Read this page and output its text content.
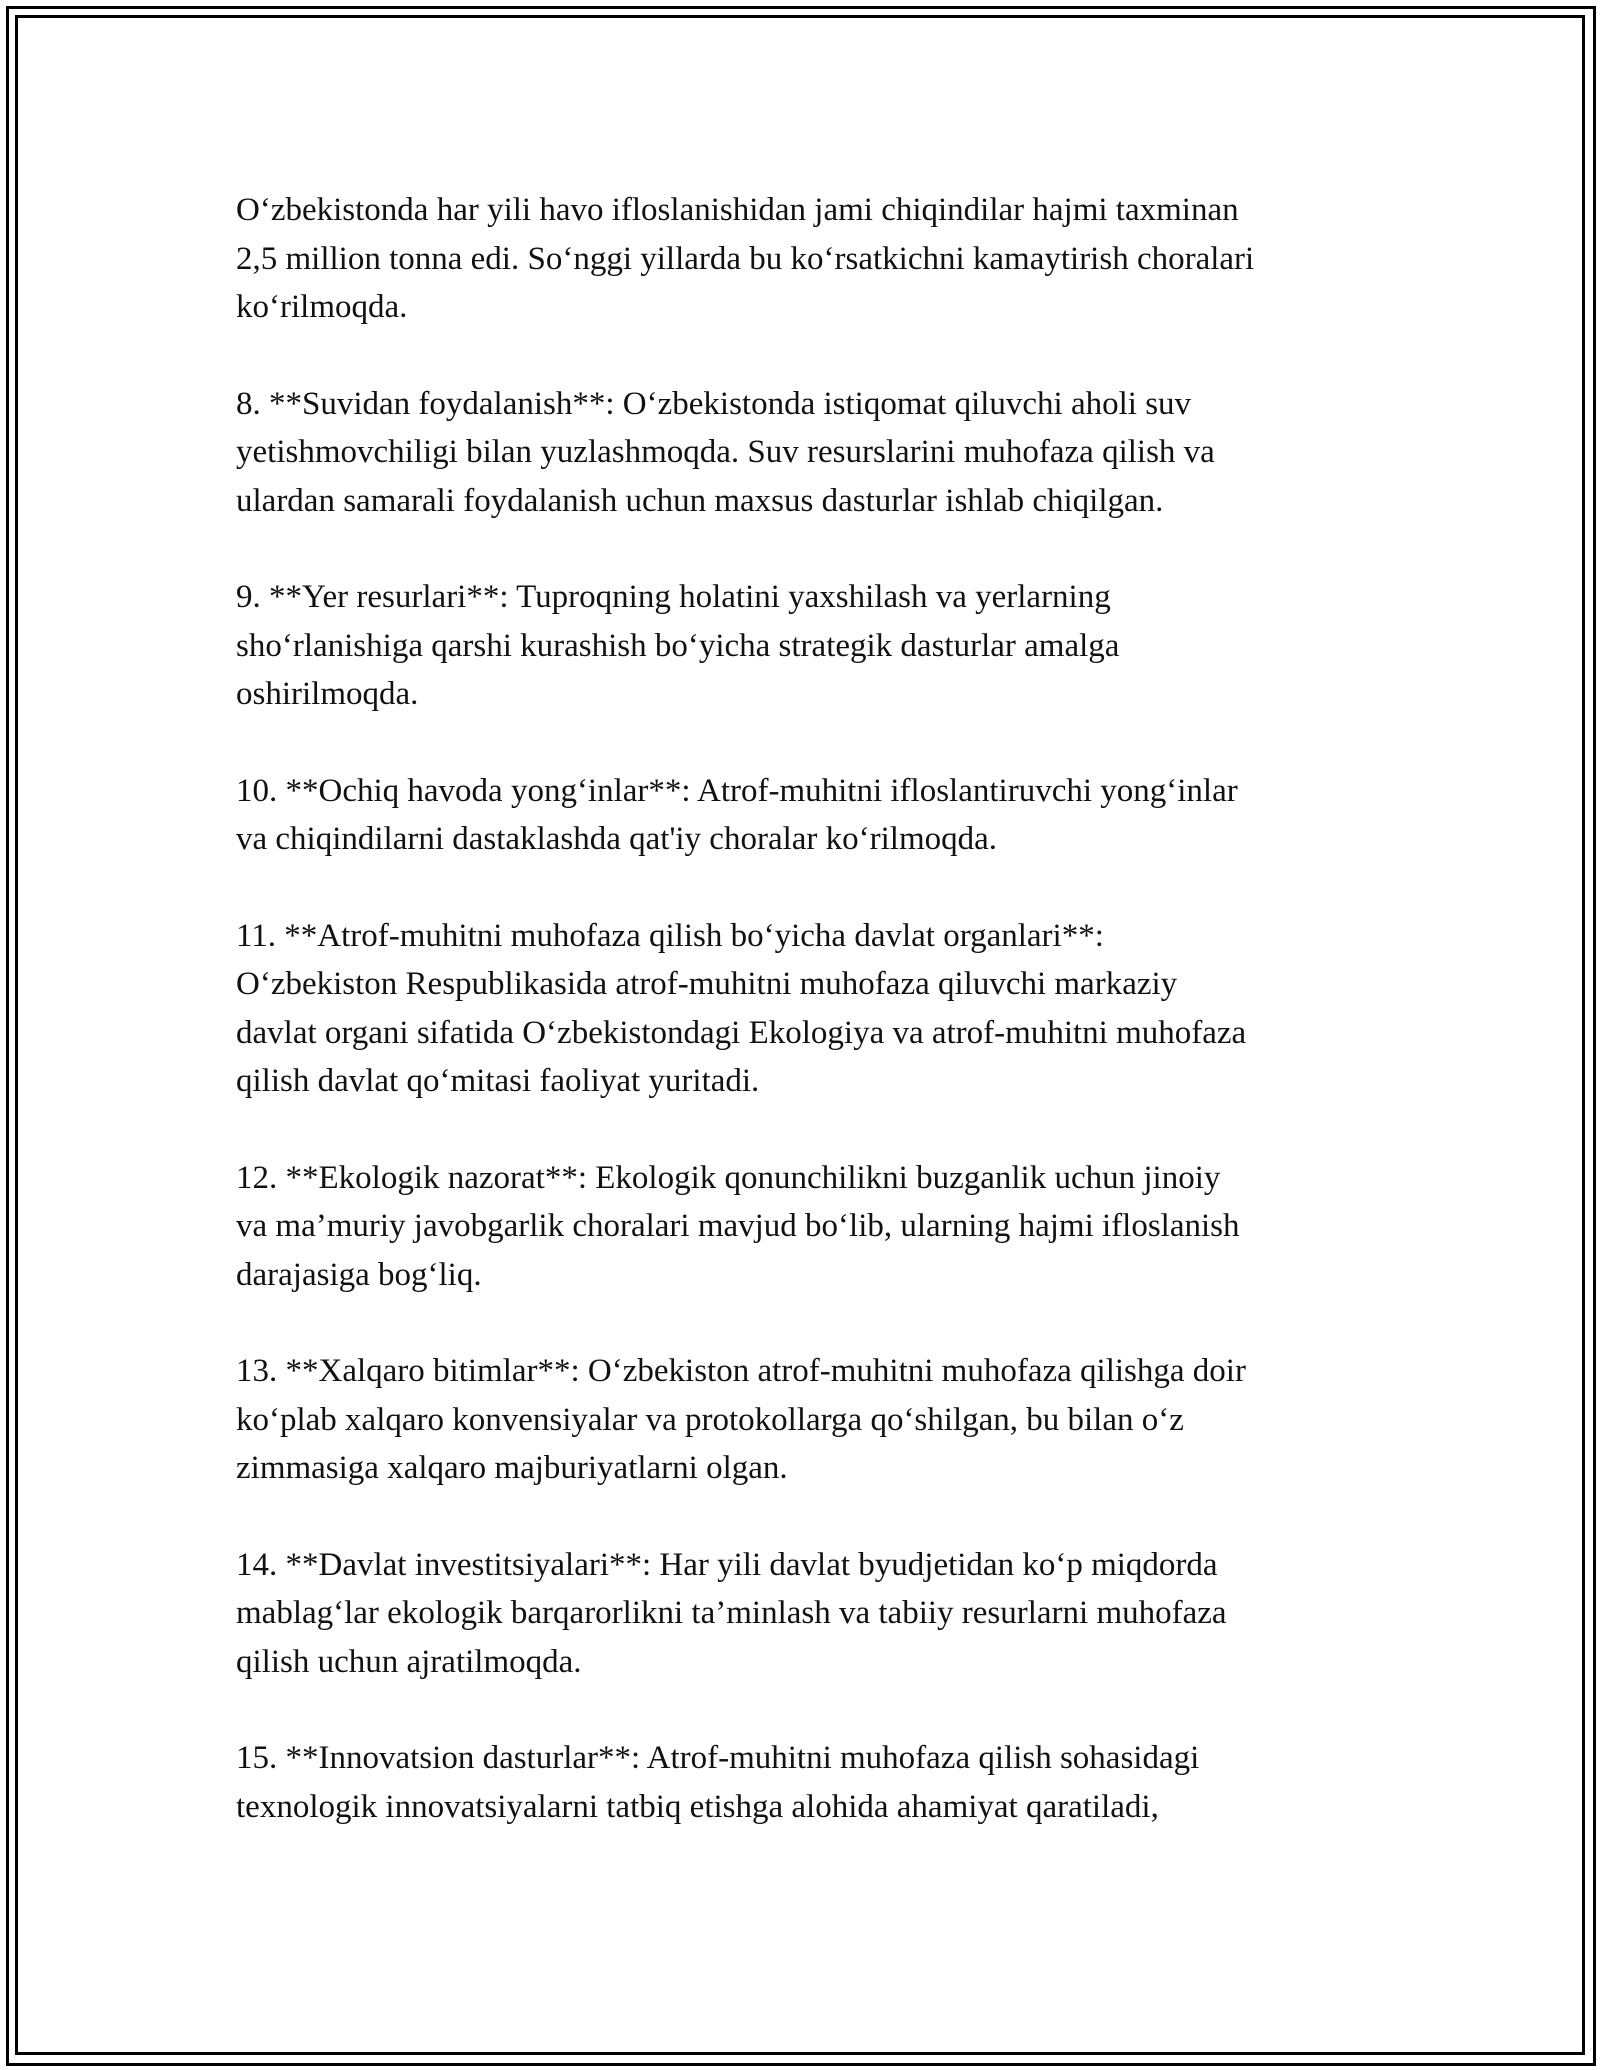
O‘zbekistonda har yili havo ifloslanishidan jami chiqindilar hajmi taxminan
2,5 million tonna edi. So‘nggi yillarda bu ko‘rsatkichni kamaytirish choralari
ko‘rilmoqda.

8. **Suvidan foydalanish**: O‘zbekistonda istiqomat qiluvchi aholi suv
yetishmovchiligi bilan yuzlashmoqda. Suv resurslarini muhofaza qilish va
ulardan samarali foydalanish uchun maxsus dasturlar ishlab chiqilgan.

9. **Yer resurlari**: Tuproqning holatini yaxshilash va yerlarning
sho‘rlanishiga qarshi kurashish bo‘yicha strategik dasturlar amalga
oshirilmoqda.

10. **Ochiq havoda yong‘inlar**: Atrof-muhitni ifloslantiruvchi yong‘inlar
va chiqindilarni dastaklashda qat'iy choralar ko‘rilmoqda.

11. **Atrof-muhitni muhofaza qilish bo‘yicha davlat organlari**:
O‘zbekiston Respublikasida atrof-muhitni muhofaza qiluvchi markaziy
davlat organi sifatida O‘zbekistondagi Ekologiya va atrof-muhitni muhofaza
qilish davlat qo‘mitasi faoliyat yuritadi.

12. **Ekologik nazorat**: Ekologik qonunchilikni buzganlik uchun jinoiy
va ma’muriy javobgarlik choralari mavjud bo‘lib, ularning hajmi ifloslanish
darajasiga bog‘liq.

13. **Xalqaro bitimlar**: O‘zbekiston atrof-muhitni muhofaza qilishga doir
ko‘plab xalqaro konvensiyalar va protokollarga qo‘shilgan, bu bilan o‘z
zimmasiga xalqaro majburiyatlarni olgan.

14. **Davlat investitsiyalari**: Har yili davlat byudjetidan ko‘p miqdorda
mablag‘lar ekologik barqarorlikni ta’minlash va tabiiy resurlarni muhofaza
qilish uchun ajratilmoqda.

15. **Innovatsion dasturlar**: Atrof-muhitni muhofaza qilish sohasidagi
texnologik innovatsiyalarni tatbiq etishga alohida ahamiyat qaratiladi,
